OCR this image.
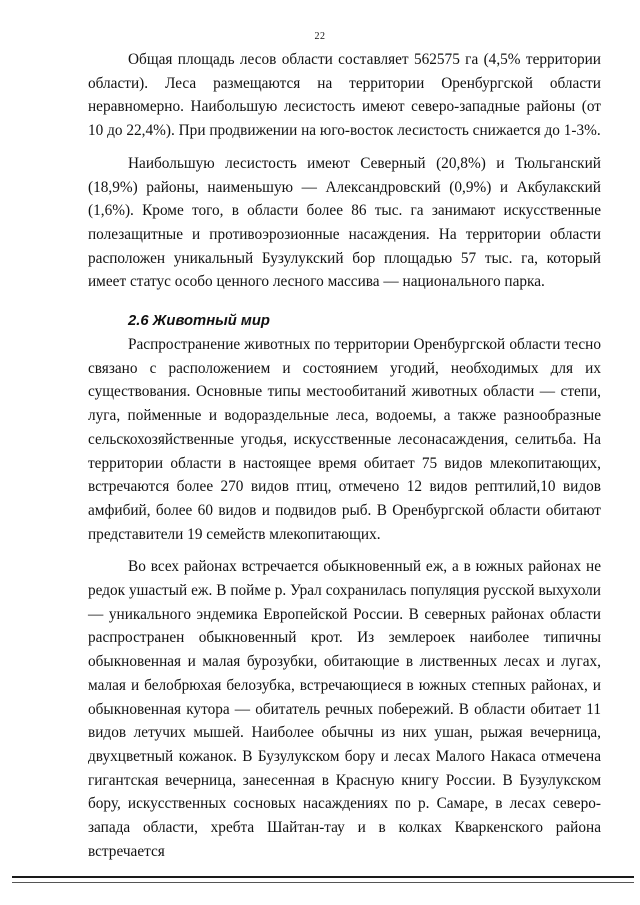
22

Общая площадь лесов области составляет 562575 га (4,5% территории области). Леса размещаются на территории Оренбургской области неравномерно. Наибольшую лесистость имеют северо-западные районы (от 10 до 22,4%). При продвижении на юго-восток лесистость снижается до 1-3%.

Наибольшую лесистость имеют Северный (20,8%) и Тюльганский (18,9%) районы, наименьшую — Александровский (0,9%) и Акбулакский (1,6%). Кроме того, в области более 86 тыс. га занимают искусственные полезащитные и противоэрозионные насаждения. На территории области расположен уникальный Бузулукский бор площадью 57 тыс. га, который имеет статус особо ценного лесного массива — национального парка.

2.6 Животный мир

Распространение животных по территории Оренбургской области тесно связано с расположением и состоянием угодий, необходимых для их существования. Основные типы местообитаний животных области — степи, луга, пойменные и водораздельные леса, водоемы, а также разнообразные сельскохозяйственные угодья, искусственные лесонасаждения, селитьба. На территории области в настоящее время обитает 75 видов млекопитающих, встречаются более 270 видов птиц, отмечено 12 видов рептилий,10 видов амфибий, более 60 видов и подвидов рыб. В Оренбургской области обитают представители 19 семейств млекопитающих.

Во всех районах встречается обыкновенный еж, а в южных районах не редок ушастый еж. В пойме р. Урал сохранилась популяция русской выхухоли — уникального эндемика Европейской России. В северных районах области распространен обыкновенный крот. Из землероек наиболее типичны обыкновенная и малая бурозубки, обитающие в лиственных лесах и лугах, малая и белобрюхая белозубка, встречающиеся в южных степных районах, и обыкновенная кутора — обитатель речных побережий. В области обитает 11 видов летучих мышей. Наиболее обычны из них ушан, рыжая вечерница, двухцветный кожанок. В Бузулукском бору и лесах Малого Накаса отмечена гигантская вечерница, занесенная в Красную книгу России. В Бузулукском бору, искусственных сосновых насаждениях по р. Самаре, в лесах северо-запада области, хребта Шайтан-тау и в колках Кваркенского района встречается
